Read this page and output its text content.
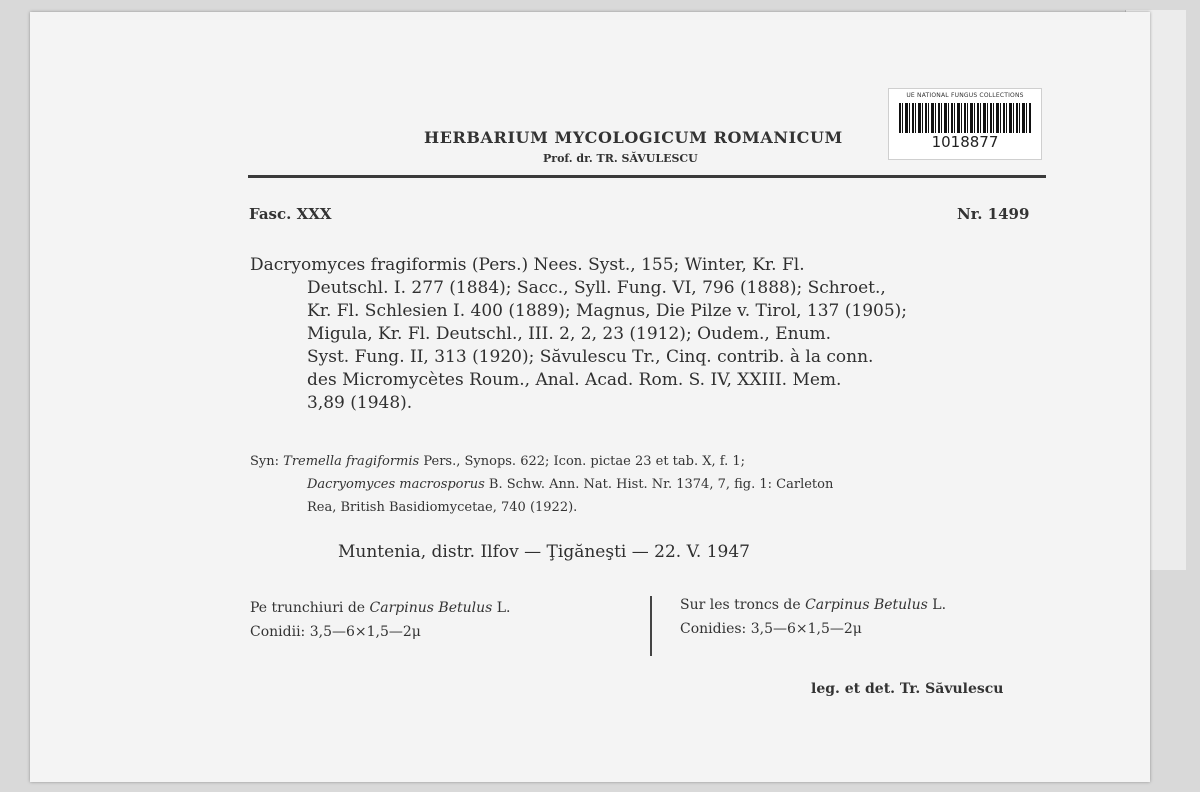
UE NATIONAL FUNGUS COLLECTIONS
1018877
HERBARIUM MYCOLOGICUM ROMANICUM
Prof. dr. TR. SĂVULESCU
Fasc. XXX	Nr. 1499
Dacryomyces fragiformis (Pers.) Nees. Syst., 155; Winter, Kr. Fl.
Deutschl. I. 277 (1884); Sacc., Syll. Fung. VI, 796 (1888); Schroet.,
Kr. Fl. Schlesien I. 400 (1889); Magnus, Die Pilze v. Tirol, 137 (1905);
Migula, Kr. Fl. Deutschl., III. 2, 2, 23 (1912); Oudem., Enum.
Syst. Fung. II, 313 (1920); Săvulescu Tr., Cinq. contrib. à la conn.
des Micromycètes Roum., Anal. Acad. Rom. S. IV, XXIII. Mem.
3,89 (1948).
Syn: Tremella fragiformis Pers., Synops. 622; Icon. pictae 23 et tab. X, f. 1;
Dacryomyces macrosporus B. Schw. Ann. Nat. Hist. Nr. 1374, 7, fig. 1: Carleton
Rea, British Basidiomycetae, 740 (1922).
Muntenia, distr. Ilfov — Ţigăneşti — 22. V. 1947
Pe trunchiuri de Carpinus Betulus L.
Conidii: 3,5—6×1,5—2μ
Sur les troncs de Carpinus Betulus L.
Conidies: 3,5—6×1,5—2μ
leg. et det. Tr. Săvulescu
